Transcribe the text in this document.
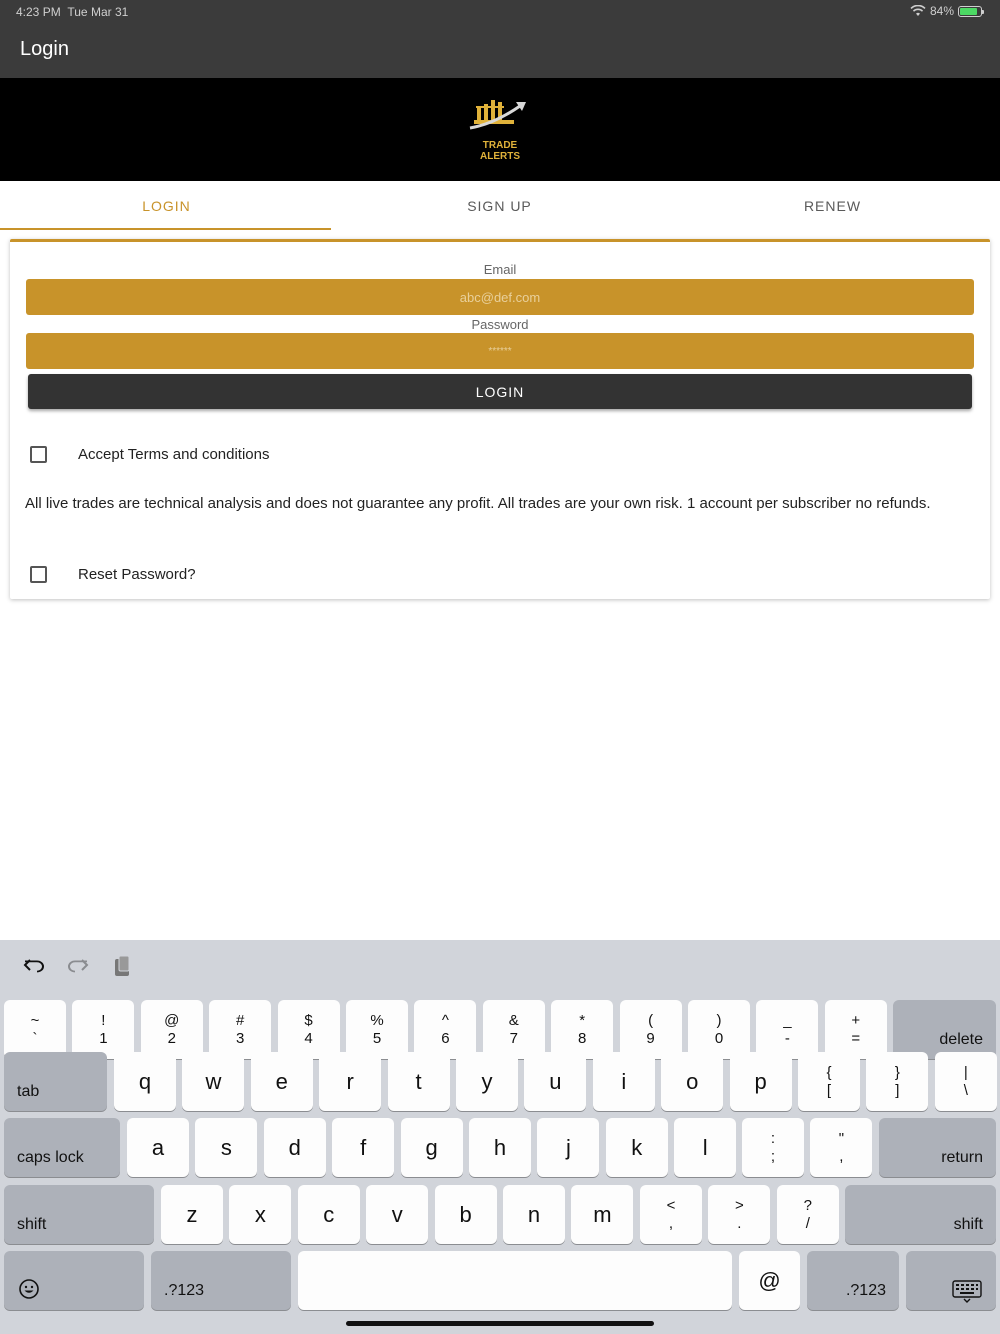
4:23 PM Tue Mar 31	84%
Login
TRADE ALERTS
LOGIN	SIGN UP	RENEW
Email
abc@def.com
Password
******
LOGIN
Accept Terms and conditions
All live trades are technical analysis and does not guarantee any profit. All trades are your own risk. 1 account per subscriber no refunds.
Reset Password?
~
`
!
1
@
2
#
3
$
4
%
5
^
6
&
7
*
8
(
9
)
0
_
-
+
=	delete
tab	q w e	r	t	y	u	i	o	p	{
[
}
]
|
\
caps lock	a	s	d	f	g	h	j	k	l	:
;
"
,	return
shift	z	x	c	v	b	n m	<
,
>
.
?
/	shift
.?123	@	.?123
